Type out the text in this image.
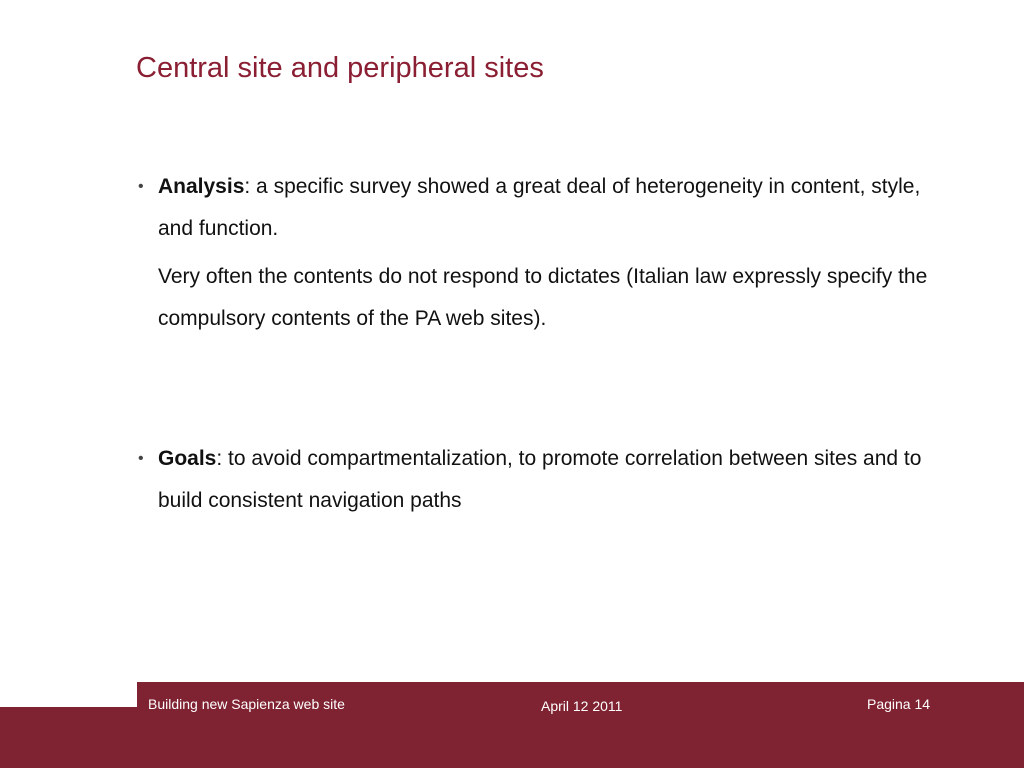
Central site and peripheral sites
• Analysis: a specific survey showed a great deal of heterogeneity in content, style, and function.

Very often the contents do not respond to dictates (Italian law expressly specify the compulsory contents of the PA web sites).

• Goals: to avoid compartmentalization, to promote correlation between sites and to build consistent navigation paths

Building new Sapienza web site	April 12 2011	Pagina 14
